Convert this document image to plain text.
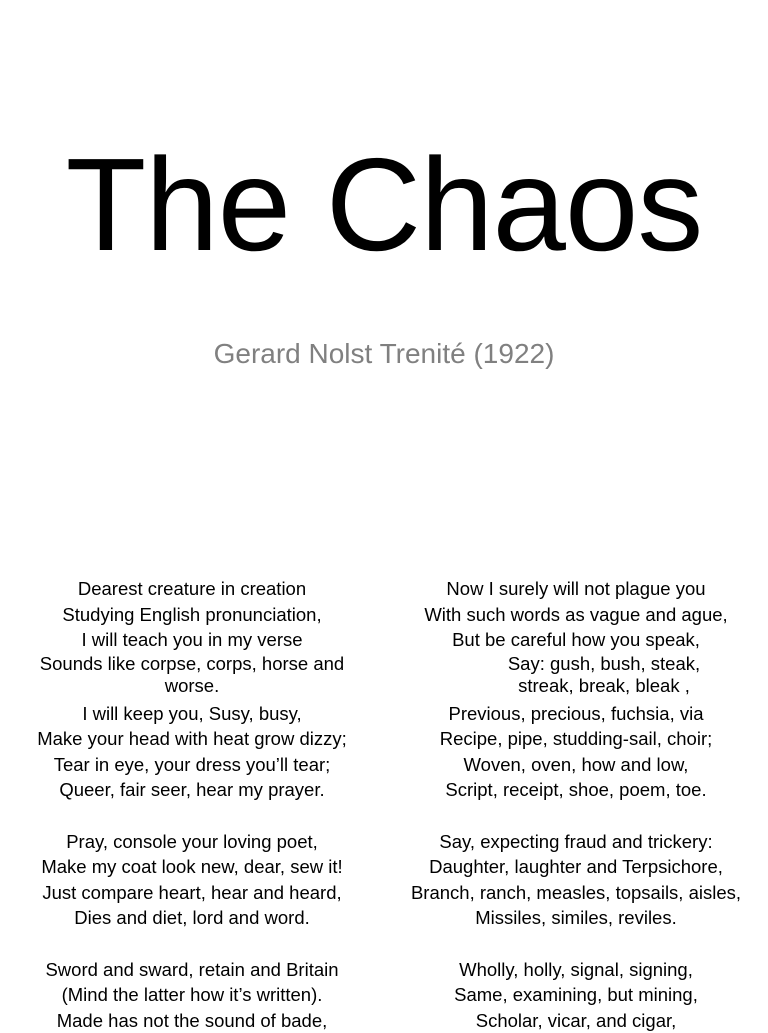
The Chaos
Gerard Nolst Trenité (1922)
Dearest creature in creation
Studying English pronunciation,
I will teach you in my verse
Sounds like corpse, corps, horse and worse.
I will keep you, Susy, busy,
Make your head with heat grow dizzy;
Tear in eye, your dress you’ll tear;
Queer, fair seer, hear my prayer.
Pray, console your loving poet,
Make my coat look new, dear, sew it!
Just compare heart, hear and heard,
Dies and diet, lord and word.
Sword and sward, retain and Britain
(Mind the latter how it’s written).
Made has not the sound of bade,
Now I surely will not plague you
With such words as vague and ague,
But be careful how you speak,
Say: gush, bush, steak, streak, break, bleak ,
Previous, precious, fuchsia, via
Recipe, pipe, studding-sail, choir;
Woven, oven, how and low,
Script, receipt, shoe, poem, toe.
Say, expecting fraud and trickery:
Daughter, laughter and Terpsichore,
Branch, ranch, measles, topsails, aisles,
Missiles, similes, reviles.
Wholly, holly, signal, signing,
Same, examining, but mining,
Scholar, vicar, and cigar,
